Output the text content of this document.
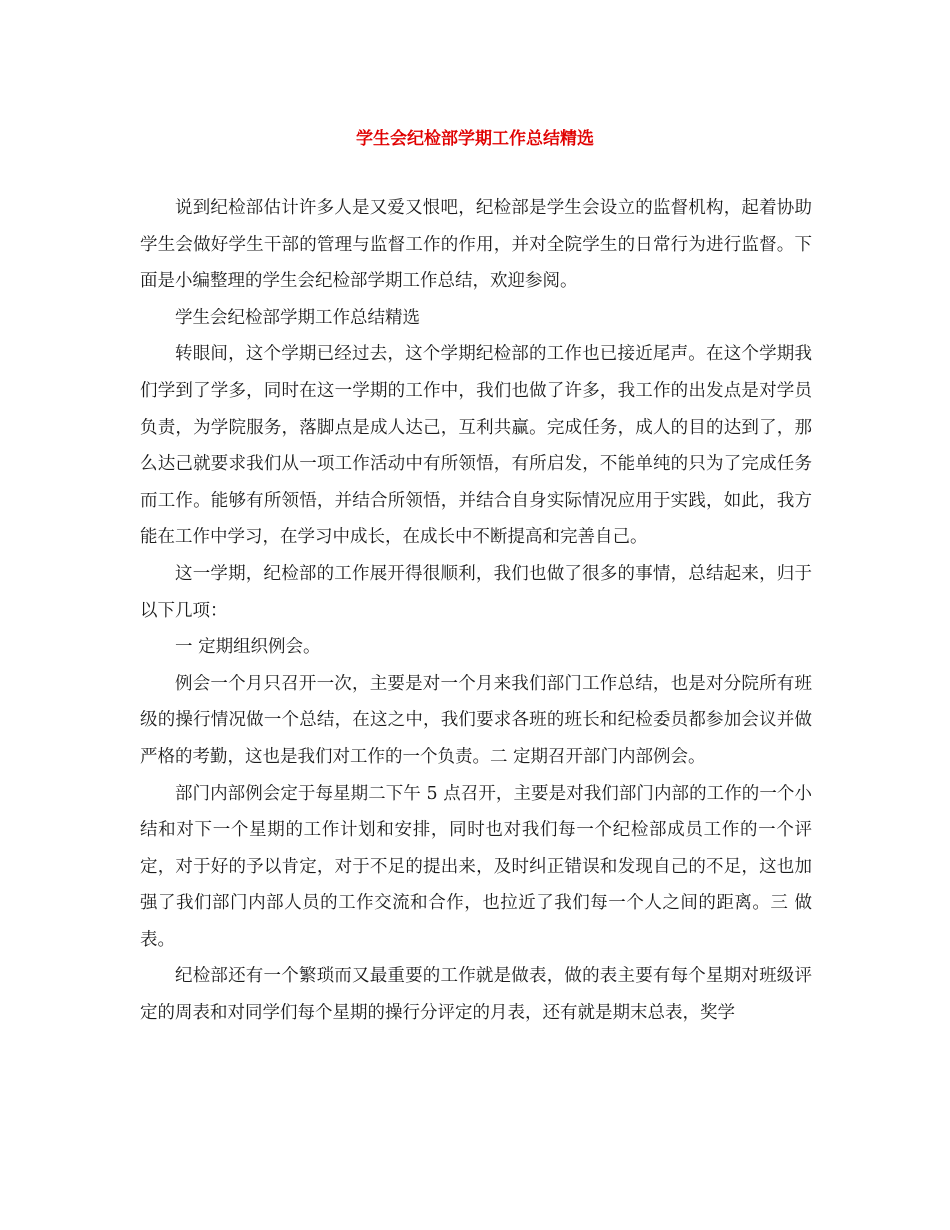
学生会纪检部学期工作总结精选

说到纪检部估计许多人是又爱又恨吧，纪检部是学生会设立的监督机构，起着协助学生会做好学生干部的管理与监督工作的作用，并对全院学生的日常行为进行监督。下面是小编整理的学生会纪检部学期工作总结，欢迎参阅。

学生会纪检部学期工作总结精选

转眼间，这个学期已经过去，这个学期纪检部的工作也已接近尾声。在这个学期我们学到了学多，同时在这一学期的工作中，我们也做了许多，我工作的出发点是对学员负责，为学院服务，落脚点是成人达己，互利共赢。完成任务，成人的目的达到了，那么达己就要求我们从一项工作活动中有所领悟，有所启发，不能单纯的只为了完成任务而工作。能够有所领悟，并结合所领悟，并结合自身实际情况应用于实践，如此，我方能在工作中学习，在学习中成长，在成长中不断提高和完善自己。

这一学期，纪检部的工作展开得很顺利，我们也做了很多的事情，总结起来，归于以下几项：

一 定期组织例会。

例会一个月只召开一次，主要是对一个月来我们部门工作总结，也是对分院所有班级的操行情况做一个总结，在这之中，我们要求各班的班长和纪检委员都参加会议并做严格的考勤，这也是我们对工作的一个负责。二 定期召开部门内部例会。

部门内部例会定于每星期二下午 5 点召开，主要是对我们部门内部的工作的一个小结和对下一个星期的工作计划和安排，同时也对我们每一个纪检部成员工作的一个评定，对于好的予以肯定，对于不足的提出来，及时纠正错误和发现自己的不足，这也加强了我们部门内部人员的工作交流和合作，也拉近了我们每一个人之间的距离。三 做表。

纪检部还有一个繁琐而又最重要的工作就是做表，做的表主要有每个星期对班级评定的周表和对同学们每个星期的操行分评定的月表，还有就是期末总表，奖学
